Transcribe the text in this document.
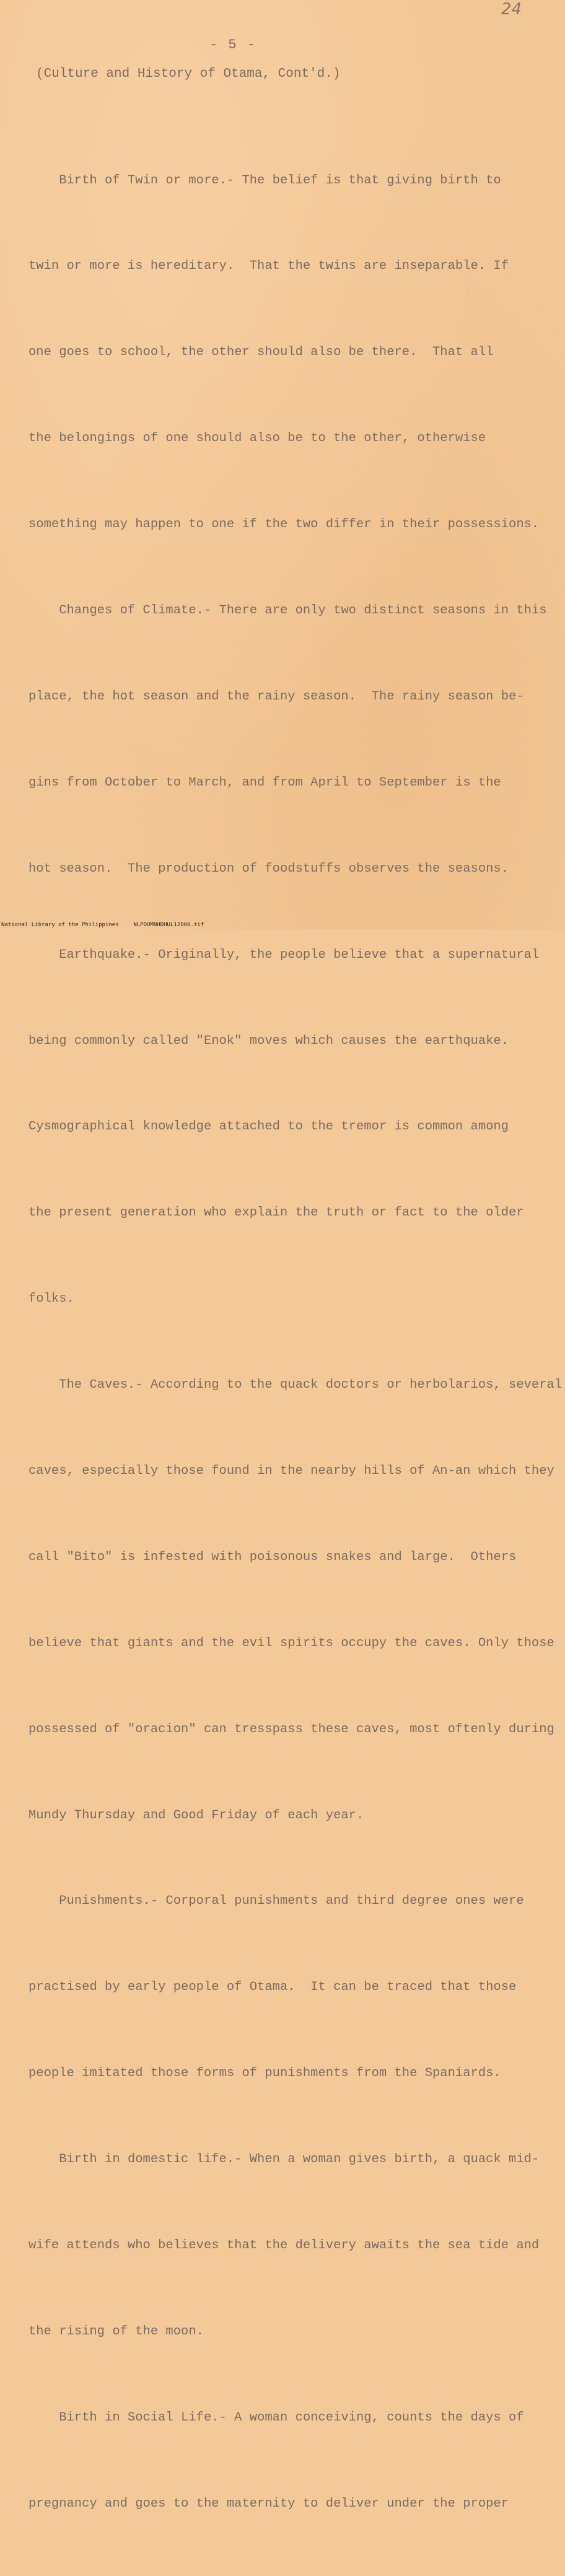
24
- 5 -
(Culture and History of Otama, Cont'd.)

Birth of Twin or more.- The belief is that giving birth to

twin or more is hereditary.  That the twins are inseparable. If

one goes to school, the other should also be there.  That all

the belongings of one should also be to the other, otherwise

something may happen to one if the two differ in their possessions.

Changes of Climate.- There are only two distinct seasons in this

place, the hot season and the rainy season.  The rainy season be-

gins from October to March, and from April to September is the

hot season.  The production of foodstuffs observes the seasons.

Earthquake.- Originally, the people believe that a supernatural

being commonly called "Enok" moves which causes the earthquake.

Cysmographical knowledge attached to the tremor is common among

the present generation who explain the truth or fact to the older

folks.

The Caves.- According to the quack doctors or herbolarios, several

caves, especially those found in the nearby hills of An-an which they

call "Bito" is infested with poisonous snakes and large.  Others

believe that giants and the evil spirits occupy the caves. Only those

possessed of "oracion" can tresspass these caves, most oftenly during

Mundy Thursday and Good Friday of each year.

Punishments.- Corporal punishments and third degree ones were

practised by early people of Otama.  It can be traced that those

people imitated those forms of punishments from the Spaniards.

Birth in domestic life.- When a woman gives birth, a quack mid-

wife attends who believes that the delivery awaits the sea tide and

the rising of the moon.

Birth in Social Life.- A woman conceiving, counts the days of

pregnancy and goes to the maternity to deliver under the proper

National Library of the Philippines	NLPOOMNHDHUL12006.tif
